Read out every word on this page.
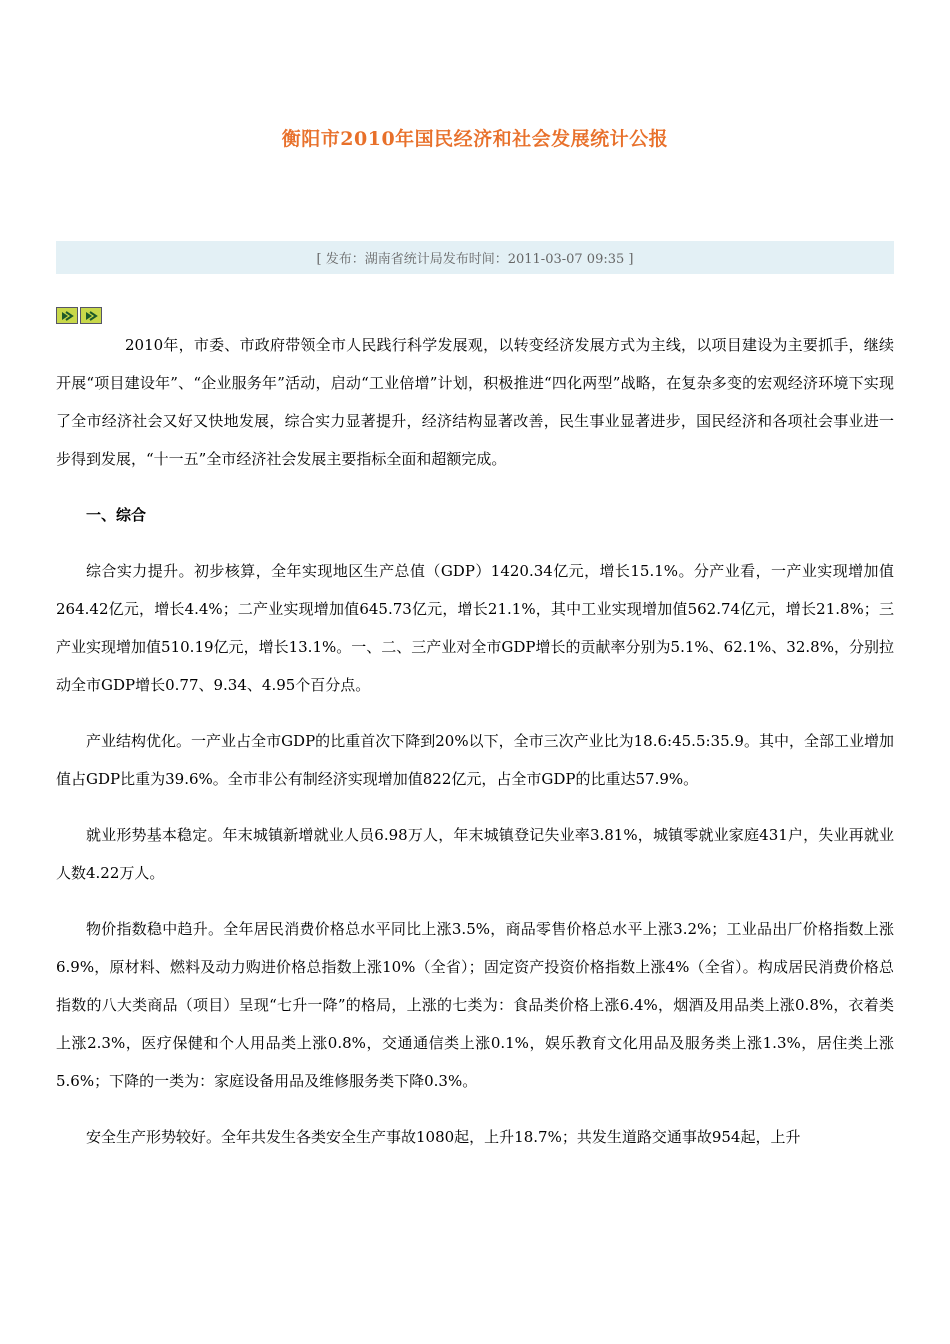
衡阳市2010年国民经济和社会发展统计公报
[ 发布：湖南省统计局 发布时间：2011-03-07 09:35 ]

2010年，市委、市政府带领全市人民践行科学发展观，以转变经济发展方式为主线，以项目建设为主要抓手，继续开展“项目建设年”、“企业服务年”活动，启动“工业倍增”计划，积极推进“四化两型”战略，在复杂多变的宏观经济环境下实现了全市经济社会又好又快地发展，综合实力显著提升，经济结构显著改善，民生事业显著进步，国民经济和各项社会事业进一步得到发展，“十一五”全市经济社会发展主要指标全面和超额完成。

一、综合

综合实力提升。初步核算，全年实现地区生产总值（GDP）1420.34亿元，增长15.1%。分产业看，一产业实现增加值264.42亿元，增长4.4%；二产业实现增加值645.73亿元，增长21.1%，其中工业实现增加值562.74亿元，增长21.8%；三产业实现增加值510.19亿元，增长13.1%。一、二、三产业对全市GDP增长的贡献率分别为5.1%、62.1%、32.8%，分别拉动全市GDP增长0.77、9.34、4.95个百分点。

产业结构优化。一产业占全市GDP的比重首次下降到20%以下，全市三次产业比为18.6:45.5:35.9。其中，全部工业增加值占GDP比重为39.6%。全市非公有制经济实现增加值822亿元，占全市GDP的比重达57.9%。

就业形势基本稳定。年末城镇新增就业人员6.98万人，年末城镇登记失业率3.81%，城镇零就业家庭431户，失业再就业人数4.22万人。

物价指数稳中趋升。全年居民消费价格总水平同比上涨3.5%，商品零售价格总水平上涨3.2%；工业品出厂价格指数上涨6.9%，原材料、燃料及动力购进价格总指数上涨10%（全省）；固定资产投资价格指数上涨4%（全省）。构成居民消费价格总指数的八大类商品（项目）呈现“七升一降”的格局，上涨的七类为：食品类价格上涨6.4%，烟酒及用品类上涨0.8%，衣着类上涨2.3%，医疗保健和个人用品类上涨0.8%，交通通信类上涨0.1%，娱乐教育文化用品及服务类上涨1.3%，居住类上涨5.6%；下降的一类为：家庭设备用品及维修服务类下降0.3%。

安全生产形势较好。全年共发生各类安全生产事故1080起，上升18.7%；共发生道路交通事故954起，上升
